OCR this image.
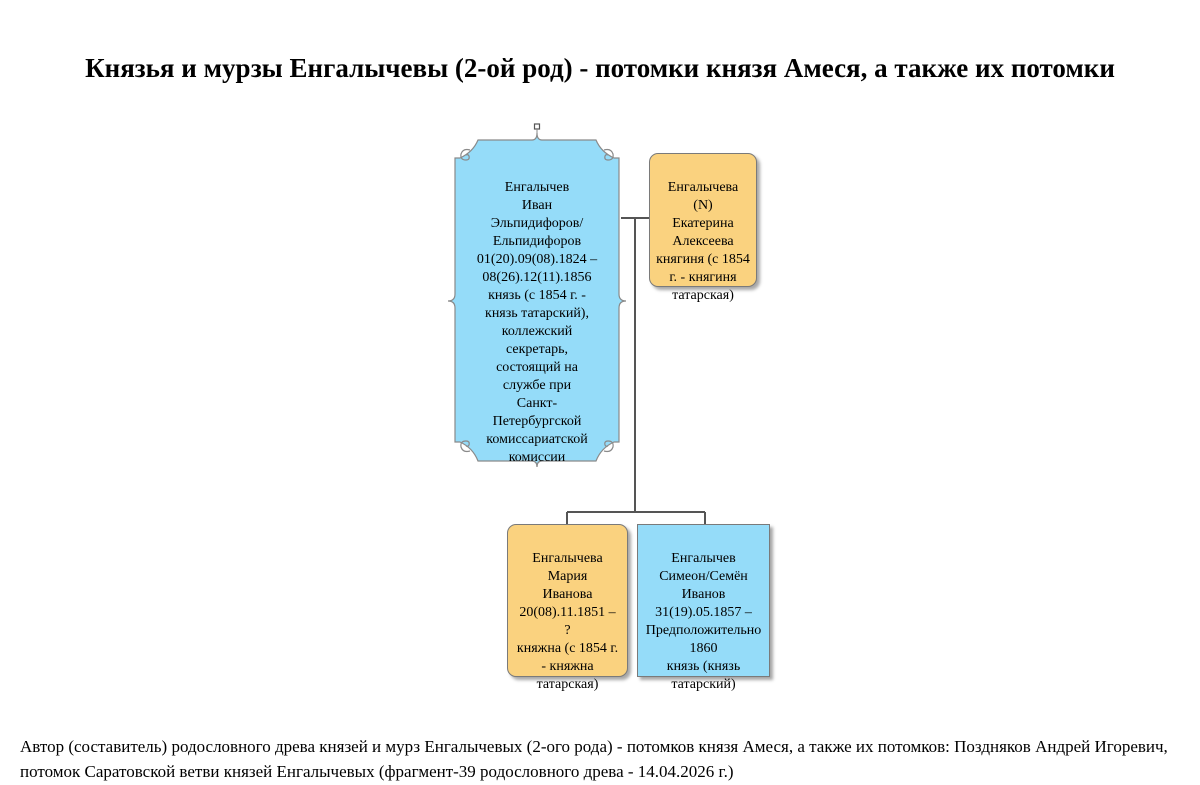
Князья и мурзы Енгалычевы (2-ой род) - потомки князя Амеся, а также их потомки

Енгалычев
Иван
Эльпидифоров/
Ельпидифоров
01(20).09(08).1824 –
08(26).12(11).1856
князь (с 1854 г. -
князь татарский),
коллежский
секретарь,
состоящий на
службе при
Санкт-
Петербургской
комиссариатской
комиссии

Енгалычева
(N)
Екатерина
Алексеева
княгиня (с 1854
г. - княгиня
татарская)

Енгалычева
Мария
Иванова
20(08).11.1851 –
?
княжна (с 1854 г.
- княжна
татарская)

Енгалычев
Симеон/Семён
Иванов
31(19).05.1857 –
Предположительно
1860
князь (князь
татарский)

Автор (составитель) родословного древа князей и мурз Енгалычевых (2-ого рода) - потомков князя Амеся, а также их потомков: Поздняков Андрей Игоревич, потомок Саратовской ветви князей Енгалычевых (фрагмент-39 родословного древа - 14.04.2026 г.)
